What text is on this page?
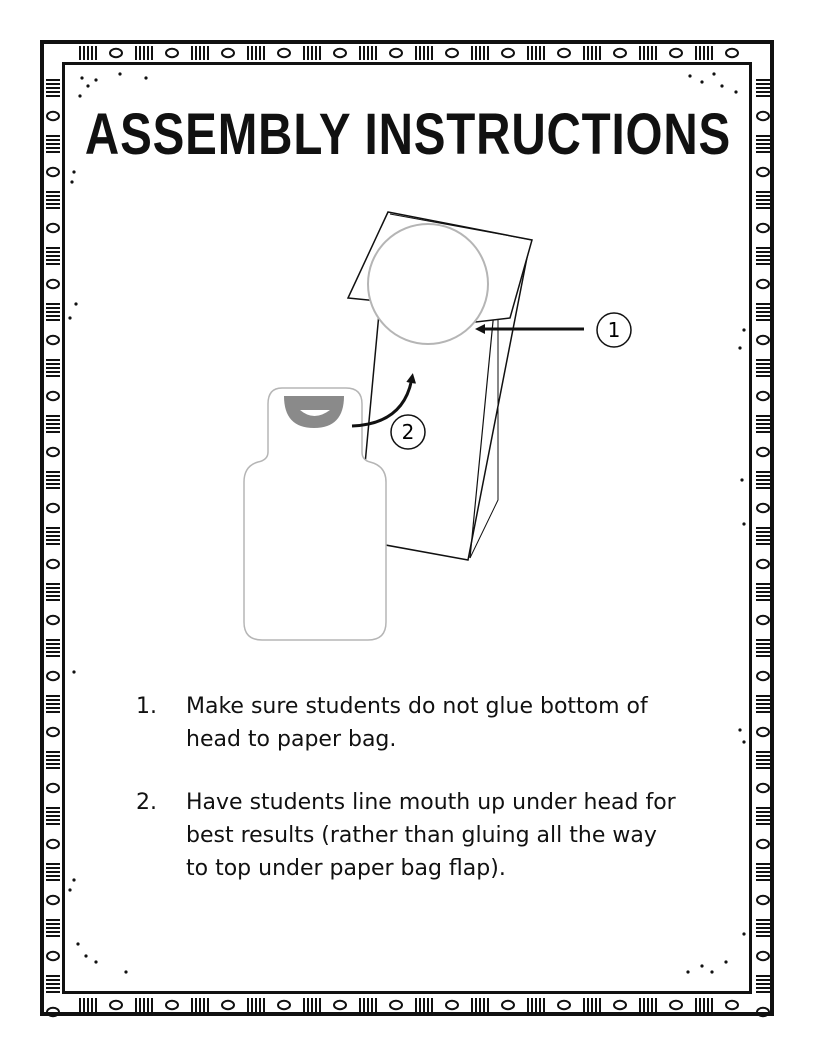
ASSEMBLY INSTRUCTIONS
1
2
1.	Make sure students do not glue bottom of head to paper bag.
2.	Have students line mouth up under head for best results (rather than gluing all the way to top under paper bag flap).
